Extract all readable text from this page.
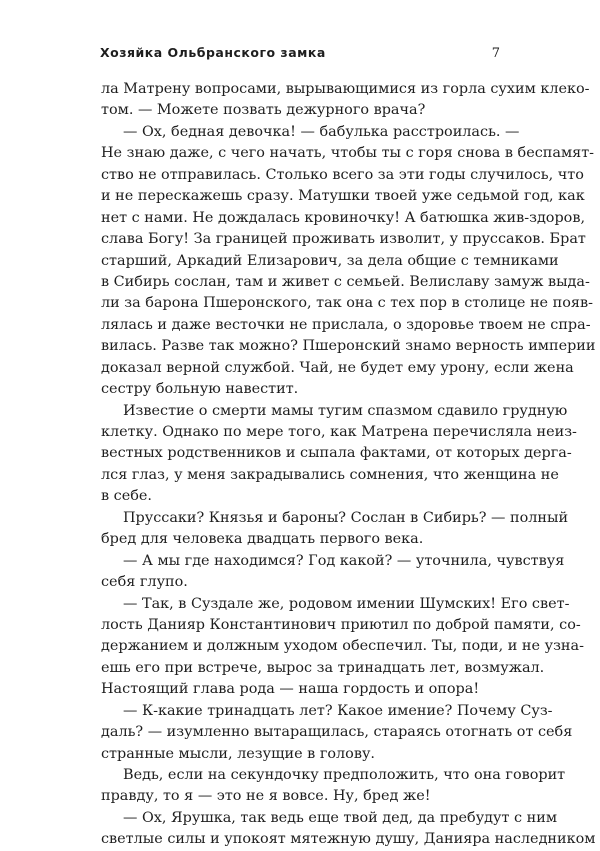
Хозяйка Ольбранского замка	7
ла Матрену вопросами, вырывающимися из горла сухим клеко-
том. — Можете позвать дежурного врача?
— Ох, бедная девочка! — бабулька расстроилась. —
Не знаю даже, с чего начать, чтобы ты с горя снова в беспамят-
ство не отправилась. Столько всего за эти годы случилось, что
и не перескажешь сразу. Матушки твоей уже седьмой год, как
нет с нами. Не дождалась кровиночку! А батюшка жив-здоров,
слава Богу! За границей проживать изволит, у пруссаков. Брат
старший, Аркадий Елизарович, за дела общие с темниками
в Сибирь сослан, там и живет с семьей. Велиславу замуж выда-
ли за барона Пшеронского, так она с тех пор в столице не появ-
лялась и даже весточки не прислала, о здоровье твоем не спра-
вилась. Разве так можно? Пшеронский знамо верность империи
доказал верной службой. Чай, не будет ему урону, если жена
сестру больную навестит.
Известие о смерти мамы тугим спазмом сдавило грудную
клетку. Однако по мере того, как Матрена перечисляла неиз-
вестных родственников и сыпала фактами, от которых дерга-
лся глаз, у меня закрадывались сомнения, что женщина не
в себе.
Пруссаки? Князья и бароны? Сослан в Сибирь? — полный
бред для человека двадцать первого века.
— А мы где находимся? Год какой? — уточнила, чувствуя
себя глупо.
— Так, в Суздале же, родовом имении Шумских! Его свет-
лость Данияр Константинович приютил по доброй памяти, со-
держанием и должным уходом обеспечил. Ты, поди, и не узна-
ешь его при встрече, вырос за тринадцать лет, возмужал.
Настоящий глава рода — наша гордость и опора!
— К-какие тринадцать лет? Какое имение? Почему Суз-
даль? — изумленно вытаращилась, стараясь отогнать от себя
странные мысли, лезущие в голову.
Ведь, если на секундочку предположить, что она говорит
правду, то я — это не я вовсе. Ну, бред же!
— Ох, Ярушка, так ведь еще твой дед, да пребудут с ним
светлые силы и упокоят мятежную душу, Данияра наследником
